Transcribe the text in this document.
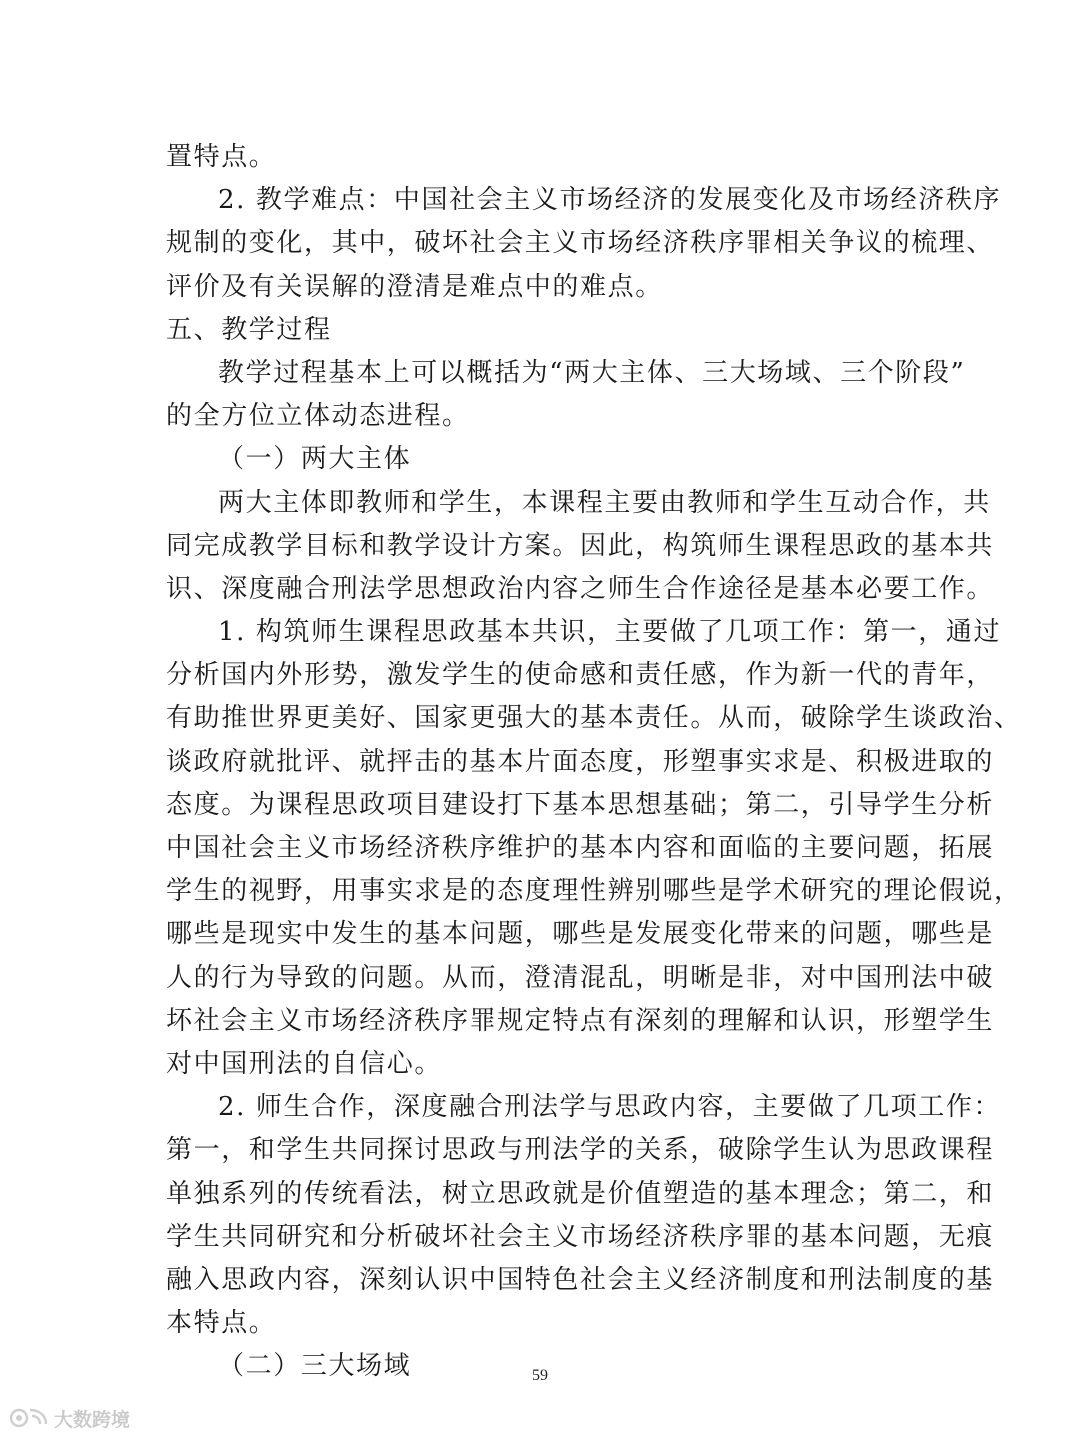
置特点。
2. 教学难点：中国社会主义市场经济的发展变化及市场经济秩序
规制的变化，其中，破坏社会主义市场经济秩序罪相关争议的梳理、
评价及有关误解的澄清是难点中的难点。
五、教学过程
教学过程基本上可以概括为“两大主体、三大场域、三个阶段”
的全方位立体动态进程。
（一）两大主体
两大主体即教师和学生，本课程主要由教师和学生互动合作，共
同完成教学目标和教学设计方案。因此，构筑师生课程思政的基本共
识、深度融合刑法学思想政治内容之师生合作途径是基本必要工作。
1. 构筑师生课程思政基本共识，主要做了几项工作：第一，通过
分析国内外形势，激发学生的使命感和责任感，作为新一代的青年，
有助推世界更美好、国家更强大的基本责任。从而，破除学生谈政治、
谈政府就批评、就抨击的基本片面态度，形塑事实求是、积极进取的
态度。为课程思政项目建设打下基本思想基础；第二，引导学生分析
中国社会主义市场经济秩序维护的基本内容和面临的主要问题，拓展
学生的视野，用事实求是的态度理性辨别哪些是学术研究的理论假说，
哪些是现实中发生的基本问题，哪些是发展变化带来的问题，哪些是
人的行为导致的问题。从而，澄清混乱，明晰是非，对中国刑法中破
坏社会主义市场经济秩序罪规定特点有深刻的理解和认识，形塑学生
对中国刑法的自信心。
2. 师生合作，深度融合刑法学与思政内容，主要做了几项工作：
第一，和学生共同探讨思政与刑法学的关系，破除学生认为思政课程
单独系列的传统看法，树立思政就是价值塑造的基本理念；第二，和
学生共同研究和分析破坏社会主义市场经济秩序罪的基本问题，无痕
融入思政内容，深刻认识中国特色社会主义经济制度和刑法制度的基
本特点。
（二）三大场域	59
大数跨境
